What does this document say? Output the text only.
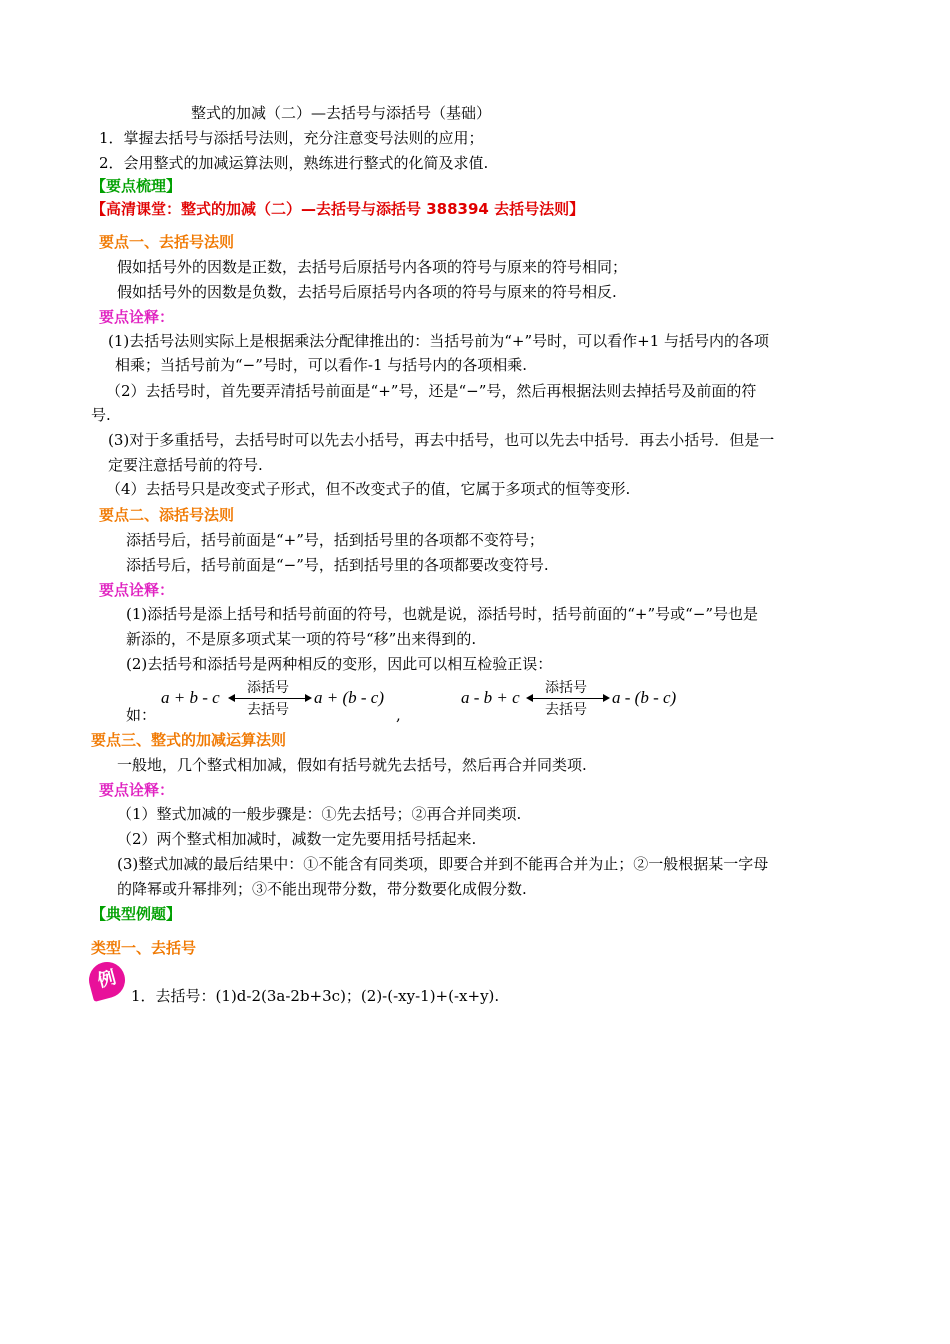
整式的加减（二）—去括号与添括号（基础）
1．掌握去括号与添括号法则，充分注意变号法则的应用；
2．会用整式的加减运算法则，熟练进行整式的化简及求值.
【要点梳理】
【高清课堂：整式的加减（二）—去括号与添括号 388394 去括号法则】
要点一、去括号法则
假如括号外的因数是正数，去括号后原括号内各项的符号与原来的符号相同；
假如括号外的因数是负数，去括号后原括号内各项的符号与原来的符号相反.
要点诠释：
(1)去括号法则实际上是根据乘法分配律推出的：当括号前为“+”号时，可以看作+1 与括号内的各项
相乘；当括号前为“−”号时，可以看作-1 与括号内的各项相乘.
（2）去括号时，首先要弄清括号前面是“+”号，还是“−”号，然后再根据法则去掉括号及前面的符
号.
(3)对于多重括号，去括号时可以先去小括号，再去中括号，也可以先去中括号．再去小括号．但是一
定要注意括号前的符号.
（4）去括号只是改变式子形式，但不改变式子的值，它属于多项式的恒等变形.
要点二、添括号法则
添括号后，括号前面是“+”号，括到括号里的各项都不变符号；
添括号后，括号前面是“−”号，括到括号里的各项都要改变符号.
要点诠释：
(1)添括号是添上括号和括号前面的符号，也就是说，添括号时，括号前面的“+”号或“−”号也是
新添的，不是原多项式某一项的符号“移”出来得到的.
(2)去括号和添括号是两种相反的变形，因此可以相互检验正误：
如：
a + b - c 添括号
去括号
a + (b - c)
,
a - b + c 添括号
去括号
a - (b - c)
要点三、整式的加减运算法则
一般地，几个整式相加减，假如有括号就先去括号，然后再合并同类项.
要点诠释：
（1）整式加减的一般步骤是：①先去括号；②再合并同类项.
（2）两个整式相加减时，减数一定先要用括号括起来.
(3)整式加减的最后结果中：①不能含有同类项，即要合并到不能再合并为止；②一般根据某一字母
的降幂或升幂排列；③不能出现带分数，带分数要化成假分数.
【典型例题】
类型一、去括号
例
1．去括号：(1)d-2(3a-2b+3c)；(2)-(-xy-1)+(-x+y).
